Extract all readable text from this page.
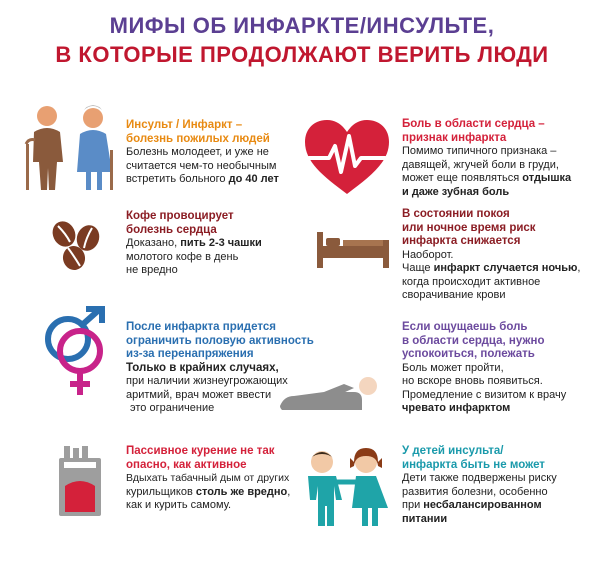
МИФЫ ОБ ИНФАРКТЕ/ИНСУЛЬТЕ,
В КОТОРЫЕ ПРОДОЛЖАЮТ ВЕРИТЬ ЛЮДИ
Инсульт / Инфаркт –
болезнь пожилых людей
Болезнь молодеет, и уже не
считается чем-то необычным
встретить больного до 40 лет
Боль в области сердца –
признак инфаркта
Помимо типичного признака –
давящей, жгучей боли в груди,
может еще появляться отдышка
и даже зубная боль
Кофе провоцирует
болезнь сердца
Доказано, пить 2-3 чашки
молотого кофе в день
не вредно
В состоянии покоя
или ночное время риск
инфаркта снижается
Наоборот.
Чаще инфаркт случается ночью,
когда происходит активное
сворачивание крови
После инфаркта придется
ограничить половую активность
из-за перенапряжения
Только в крайних случаях,
при наличии жизнеугрожающих
аритмий, врач может ввести
это ограничение
Если ощущаешь боль
в области сердца, нужно
успокоиться, полежать
Боль может пройти,
но вскоре вновь появиться.
Промедление с визитом к врачу
чревато инфарктом
Пассивное курение не так
опасно, как активное
Вдыхать табачный дым от других
курильщиков столь же вредно,
как и курить самому.
У детей инсульта/
инфаркта быть не может
Дети также подвержены риску
развития болезни, особенно
при несбалансированном
питании
